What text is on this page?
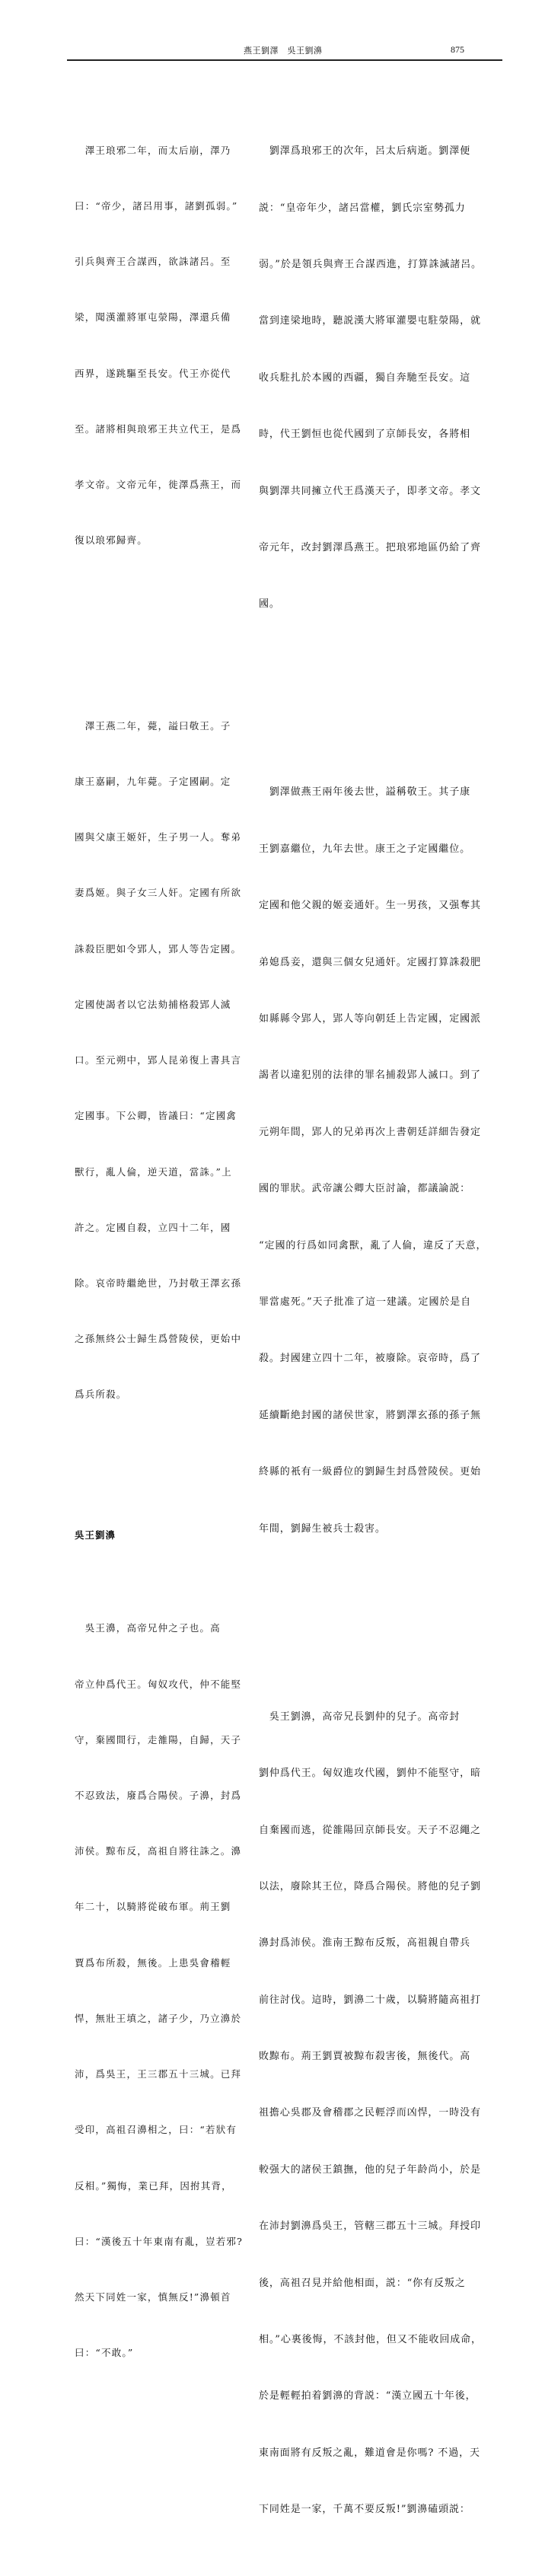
燕王劉澤　吳王劉濞	875

　澤王琅邪二年，而太后崩，澤乃

曰：“帝少，諸呂用事，諸劉孤弱。”

引兵與齊王合謀西，欲誅諸呂。至

梁，聞漢灌將軍屯滎陽，澤還兵備

西界，遂跳驅至長安。代王亦從代

至。諸將相與琅邪王共立代王，是爲

孝文帝。文帝元年，徙澤爲燕王，而

復以琅邪歸齊。

　澤王燕二年，薨，謚曰敬王。子

康王嘉嗣，九年薨。子定國嗣。定

國與父康王姬奸，生子男一人。奪弟

妻爲姬。與子女三人奸。定國有所欲

誅殺臣肥如令郢人，郢人等告定國。

定國使謁者以它法劾捕格殺郢人滅

口。至元朔中，郢人昆弟復上書具言

定國事。下公卿，皆議曰：“定國禽

獸行，亂人倫，逆天道，當誅。”上

許之。定國自殺，立四十二年，國

除。哀帝時繼絶世，乃封敬王澤玄孫

之孫無終公士歸生爲營陵侯，更始中

爲兵所殺。

吳王劉濞

　吳王濞，高帝兄仲之子也。高

帝立仲爲代王。匈奴攻代，仲不能堅

守，棄國間行，走雒陽，自歸，天子

不忍致法，廢爲合陽侯。子濞，封爲

沛侯。黥布反，高祖自將往誅之。濞

年二十，以騎將從破布軍。荊王劉

賈爲布所殺，無後。上患吳會稽輕

悍，無壯王填之，諸子少，乃立濞於

沛，爲吳王，王三郡五十三城。已拜

受印，高祖召濞相之，曰：“若狀有

反相。”獨悔，業已拜，因拊其背，

曰：“漢後五十年東南有亂，豈若邪?

然天下同姓一家，慎無反!”濞頓首

曰：“不敢。”

　劉澤爲琅邪王的次年，呂太后病逝。劉澤便

説：“皇帝年少，諸呂當權，劉氏宗室勢孤力

弱。”於是領兵與齊王合謀西進，打算誅滅諸呂。

當到達梁地時，聽説漢大將軍灌嬰屯駐滎陽，就

收兵駐扎於本國的西疆，獨自奔馳至長安。這

時，代王劉恒也從代國到了京師長安，各將相

與劉澤共同擁立代王爲漢天子，即孝文帝。孝文

帝元年，改封劉澤爲燕王。把琅邪地區仍給了齊

國。

　劉澤做燕王兩年後去世，謚稱敬王。其子康

王劉嘉繼位，九年去世。康王之子定國繼位。

定國和他父親的姬妾通奸。生一男孩，又强奪其

弟媳爲妾，還與三個女兒通奸。定國打算誅殺肥

如縣縣令郢人，郢人等向朝廷上告定國，定國派

謁者以違犯別的法律的罪名捕殺郢人滅口。到了

元朔年間，郢人的兄弟再次上書朝廷詳細告發定

國的罪狀。武帝讓公卿大臣討論，都議論説：

“定國的行爲如同禽獸，亂了人倫，違反了天意，

罪當處死。”天子批准了這一建議。定國於是自

殺。封國建立四十二年，被廢除。哀帝時，爲了

延續斷絶封國的諸侯世家，將劉澤玄孫的孫子無

終縣的衹有一級爵位的劉歸生封爲營陵侯。更始

年間，劉歸生被兵士殺害。

　吳王劉濞，高帝兄長劉仲的兒子。高帝封

劉仲爲代王。匈奴進攻代國，劉仲不能堅守，暗

自棄國而逃，從雒陽回京師長安。天子不忍繩之

以法，廢除其王位，降爲合陽侯。將他的兒子劉

濞封爲沛侯。淮南王黥布反叛，高祖親自帶兵

前往討伐。這時，劉濞二十歲，以騎將隨高祖打

敗黥布。荊王劉賈被黥布殺害後，無後代。高

祖擔心吳郡及會稽郡之民輕浮而凶悍，一時没有

較强大的諸侯王鎮撫，他的兒子年龄尚小，於是

在沛封劉濞爲吳王，管轄三郡五十三城。拜授印

後，高祖召見并給他相面，説：“你有反叛之

相。”心裏後悔，不該封他，但又不能收回成命，

於是輕輕拍着劉濞的背説：“漢立國五十年後，

東南面將有反叛之亂，難道會是你嗎? 不過，天

下同姓是一家，千萬不要反叛!”劉濞磕頭説：
